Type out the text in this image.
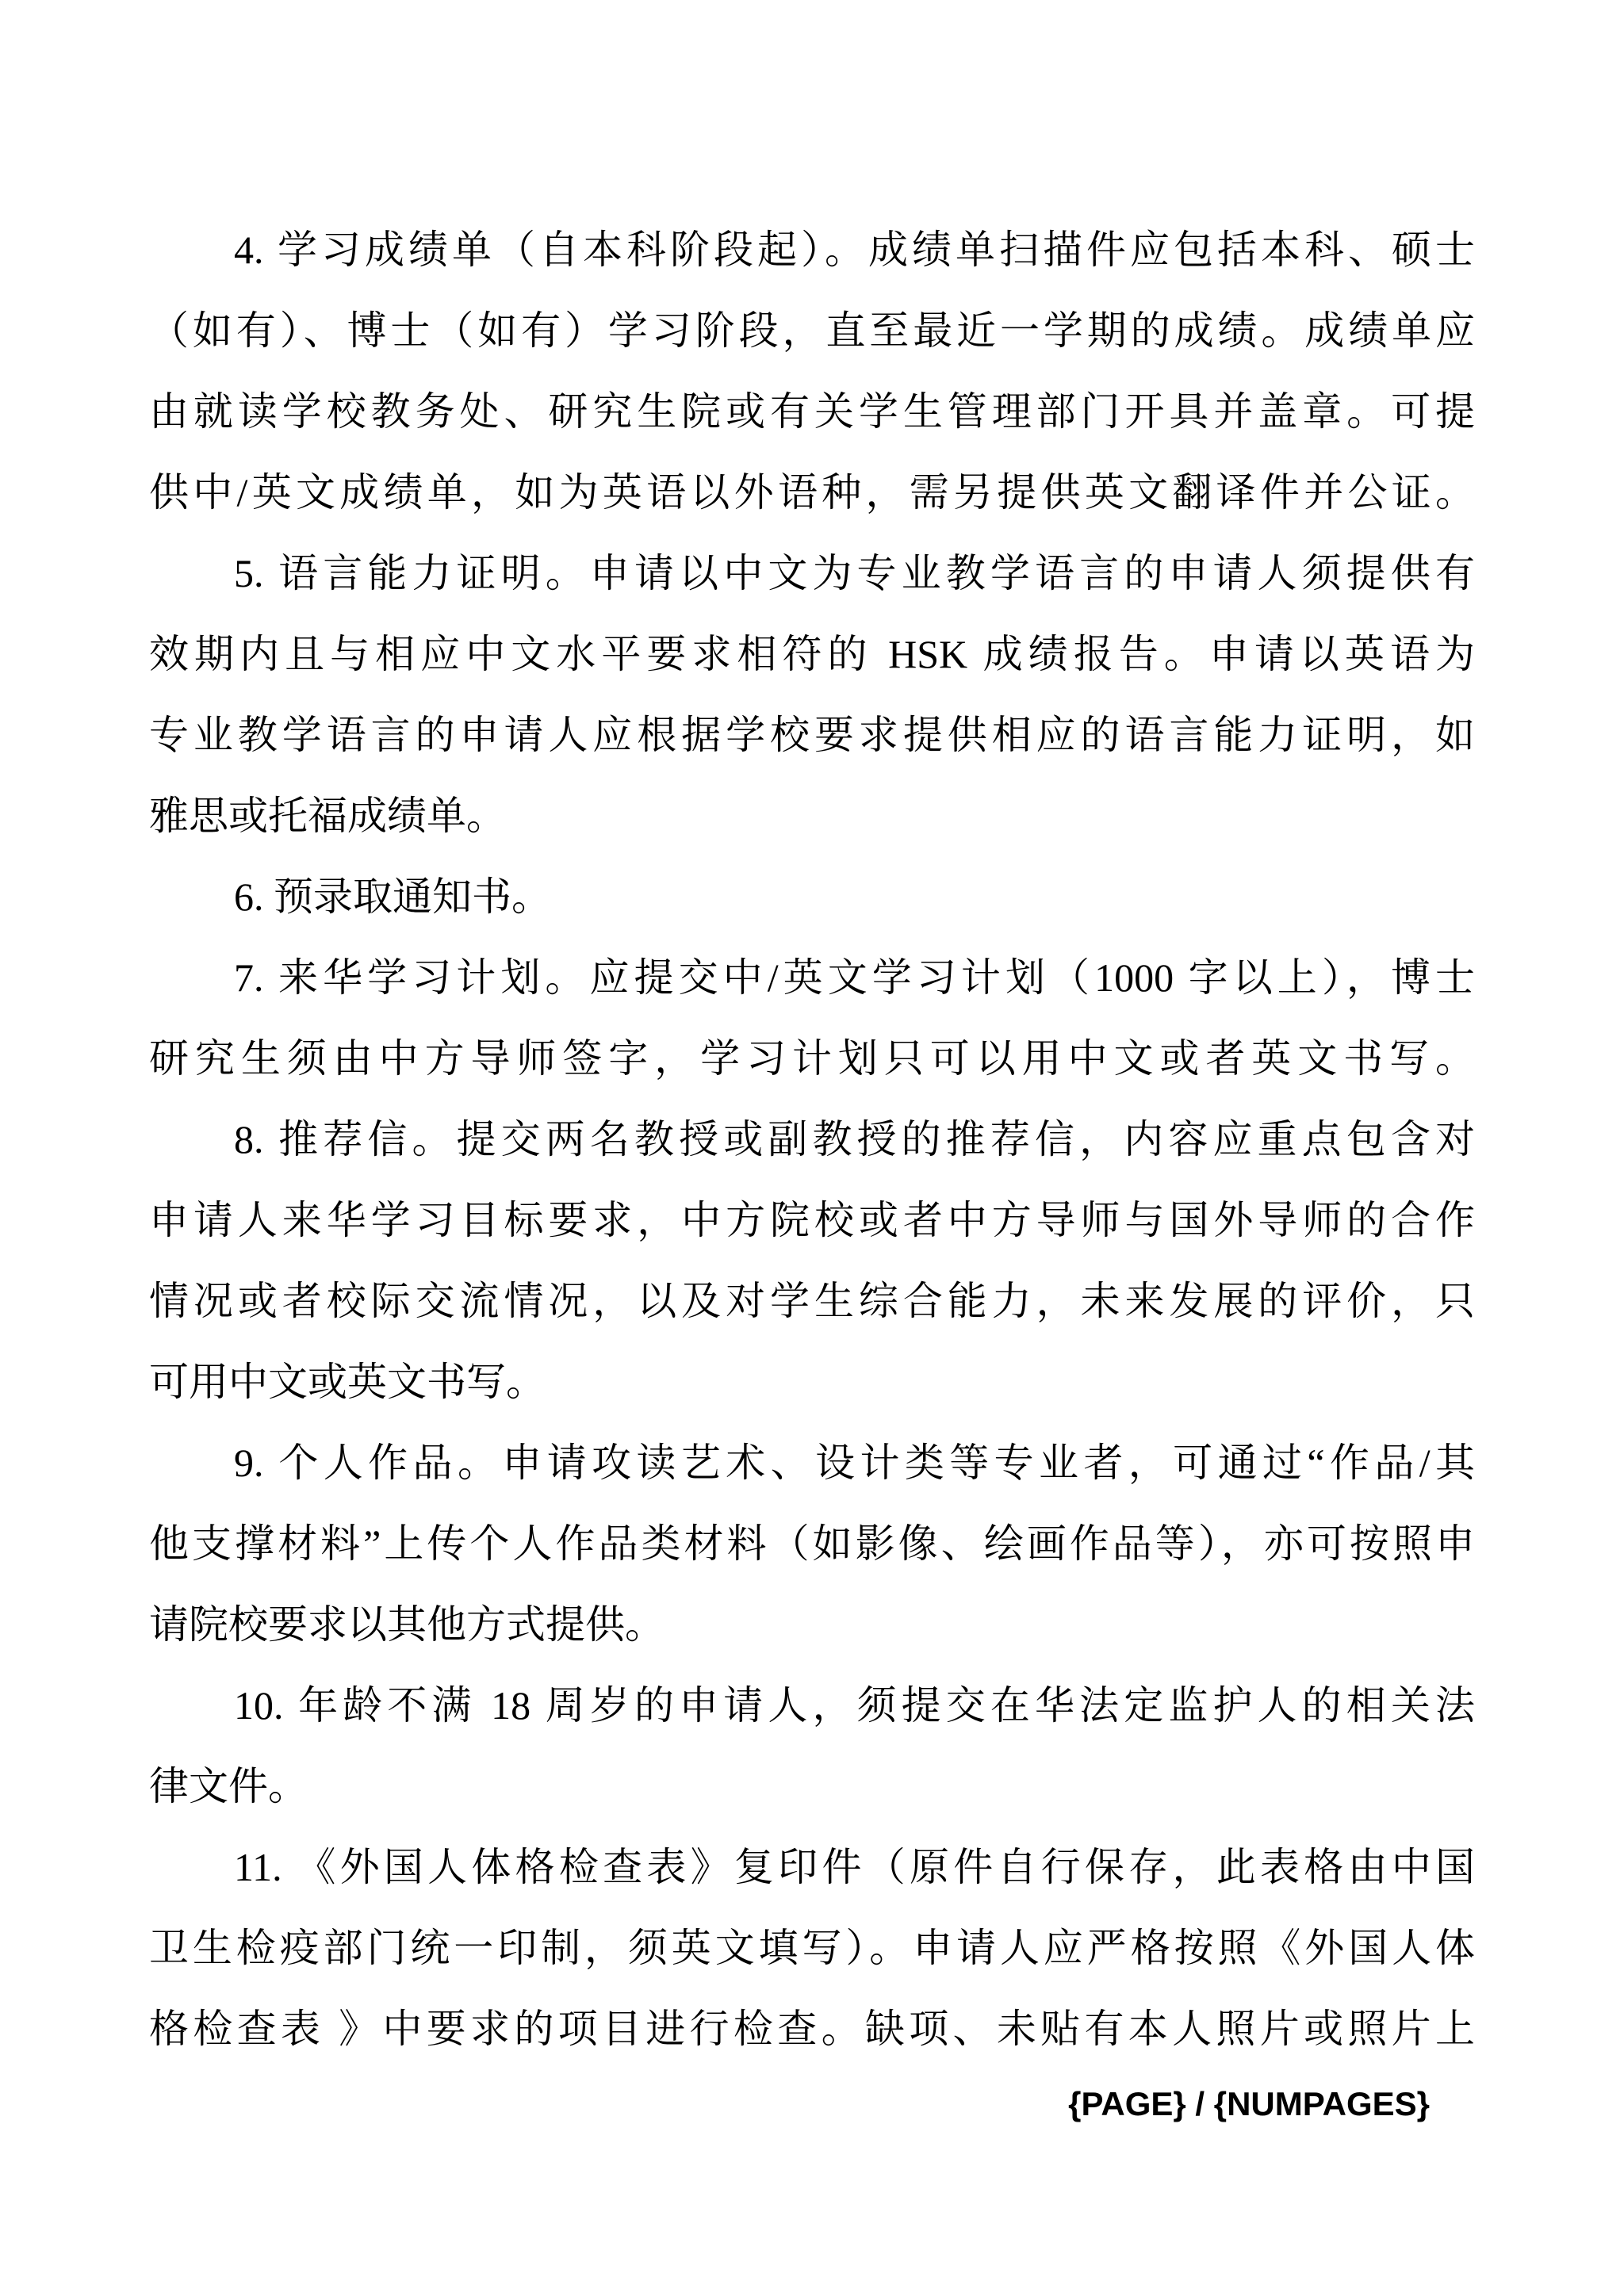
4. 学习成绩单（自本科阶段起）。成绩单扫描件应包括本科、硕士
（如有）、博士（如有）学习阶段，直至最近一学期的成绩。成绩单应
由就读学校教务处、研究生院或有关学生管理部门开具并盖章。可提
供中/英文成绩单，如为英语以外语种，需另提供英文翻译件并公证。
5. 语言能力证明。申请以中文为专业教学语言的申请人须提供有
效期内且与相应中文水平要求相符的 HSK 成绩报告。申请以英语为
专业教学语言的申请人应根据学校要求提供相应的语言能力证明，如
雅思或托福成绩单。
6. 预录取通知书。
7. 来华学习计划。应提交中/英文学习计划（1000 字以上），博士
研究生须由中方导师签字，学习计划只可以用中文或者英文书写。
8. 推荐信。提交两名教授或副教授的推荐信，内容应重点包含对
申请人来华学习目标要求，中方院校或者中方导师与国外导师的合作
情况或者校际交流情况，以及对学生综合能力，未来发展的评价，只
可用中文或英文书写。
9. 个人作品。申请攻读艺术、设计类等专业者，可通过“作品/其
他支撑材料”上传个人作品类材料（如影像、绘画作品等），亦可按照申
请院校要求以其他方式提供。
10. 年龄不满 18 周岁的申请人，须提交在华法定监护人的相关法
律文件。
11. 《外国人体格检查表》复印件（原件自行保存，此表格由中国
卫生检疫部门统一印制，须英文填写）。申请人应严格按照《外国人体
格检查表 》中要求的项目进行检查。缺项、未贴有本人照片或照片上
{PAGE} / {NUMPAGES}
